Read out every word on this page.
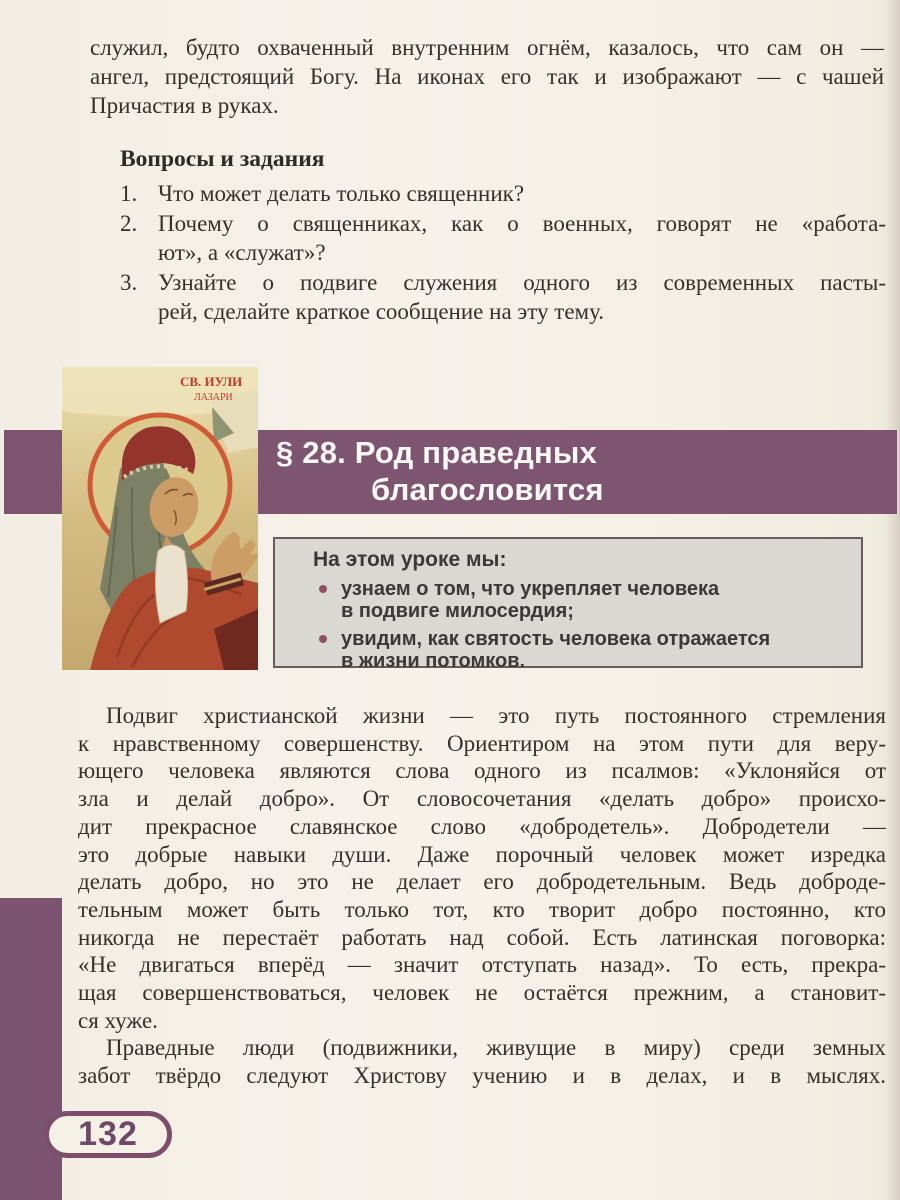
служил, будто охваченный внутренним огнём, казалось, что сам он —
ангел, предстоящий Богу. На иконах его так и изображают — с чашей
Причастия в руках.
Вопросы и задания
1. Что может делать только священник?
2. Почему о священниках, как о военных, говорят не «работа-
ют», а «служат»?
3. Узнайте о подвиге служения одного из современных пасты-
рей, сделайте краткое сообщение на эту тему.
§ 28. Род праведных
благословится
СВ. ИУЛИ
ЛАЗАРИ
На этом уроке мы:
узнаем о том, что укрепляет человека
в подвиге милосердия;
увидим, как святость человека отражается
в жизни потомков.
Подвиг христианской жизни — это путь постоянного стремления
к нравственному совершенству. Ориентиром на этом пути для веру-
ющего человека являются слова одного из псалмов: «Уклоняйся от
зла и делай добро». От словосочетания «делать добро» происхо-
дит прекрасное славянское слово «добродетель». Добродетели —
это добрые навыки души. Даже порочный человек может изредка
делать добро, но это не делает его добродетельным. Ведь доброде-
тельным может быть только тот, кто творит добро постоянно, кто
никогда не перестаёт работать над собой. Есть латинская поговорка:
«Не двигаться вперёд — значит отступать назад». То есть, прекра-
щая совершенствоваться, человек не остаётся прежним, а становит-
ся хуже.
Праведные люди (подвижники, живущие в миру) среди земных
забот твёрдо следуют Христову учению и в делах, и в мыслях.
132
